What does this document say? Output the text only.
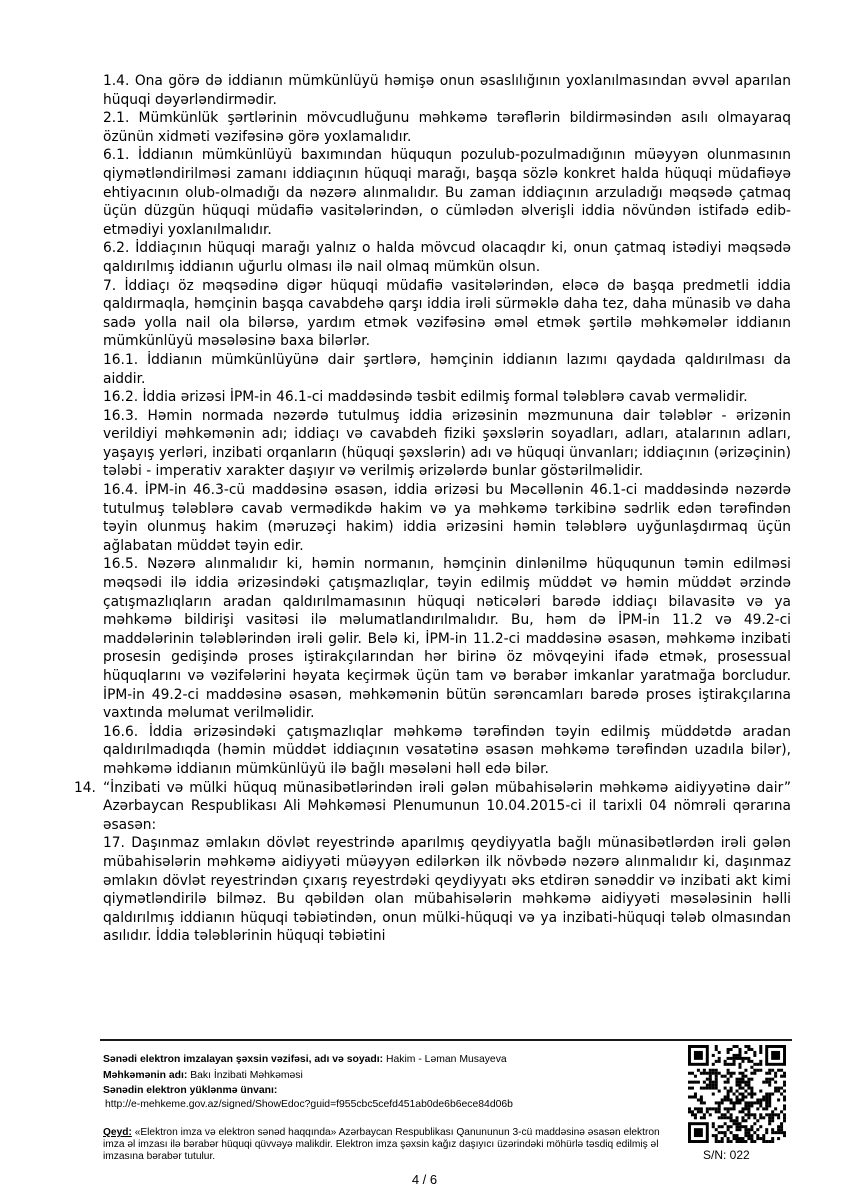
1.4. Ona görə də iddianın mümkünlüyü həmişə onun əsaslılığının yoxlanılmasından əvvəl aparılan hüquqi dəyərləndirmədir.

2.1. Mümkünlük şərtlərinin mövcudluğunu məhkəmə tərəflərin bildirməsindən asılı olmayaraq özünün xidməti vəzifəsinə görə yoxlamalıdır.

6.1. İddianın mümkünlüyü baxımından hüququn pozulub-pozulmadığının müəyyən olunmasının qiymətləndirilməsi zamanı iddiaçının hüquqi marağı, başqa sözlə konkret halda hüquqi müdafiəyə ehtiyacının olub-olmadığı da nəzərə alınmalıdır. Bu zaman iddiaçının arzuladığı məqsədə çatmaq üçün düzgün hüquqi müdafiə vasitələrindən, o cümlədən əlverişli iddia növündən istifadə edib-etmədiyi yoxlanılmalıdır.

6.2. İddiaçının hüquqi marağı yalnız o halda mövcud olacaqdır ki, onun çatmaq istədiyi məqsədə qaldırılmış iddianın uğurlu olması ilə nail olmaq mümkün olsun.

7. İddiaçı öz məqsədinə digər hüquqi müdafiə vasitələrindən, eləcə də başqa predmetli iddia qaldırmaqla, həmçinin başqa cavabdehə qarşı iddia irəli sürməklə daha tez, daha münasib və daha sadə yolla nail ola bilərsə, yardım etmək vəzifəsinə əməl etmək şərtilə məhkəmələr iddianın mümkünlüyü məsələsinə baxa bilərlər.

16.1. İddianın mümkünlüyünə dair şərtlərə, həmçinin iddianın lazımı qaydada qaldırılması da aiddir.

16.2. İddia ərizəsi İPM-in 46.1-ci maddəsində təsbit edilmiş formal tələblərə cavab verməlidir.

16.3. Həmin normada nəzərdə tutulmuş iddia ərizəsinin məzmununa dair tələblər - ərizənin verildiyi məhkəmənin adı; iddiaçı və cavabdeh fiziki şəxslərin soyadları, adları, atalarının adları, yaşayış yerləri, inzibati orqanların (hüquqi şəxslərin) adı və hüquqi ünvanları; iddiaçının (ərizəçinin) tələbi - imperativ xarakter daşıyır və verilmiş ərizələrdə bunlar göstərilməlidir.

16.4. İPM-in 46.3-cü maddəsinə əsasən, iddia ərizəsi bu Məcəllənin 46.1-ci maddəsində nəzərdə tutulmuş tələblərə cavab vermədikdə hakim və ya məhkəmə tərkibinə sədrlik edən tərəfindən təyin olunmuş hakim (məruzəçi hakim) iddia ərizəsini həmin tələblərə uyğunlaşdırmaq üçün ağlabatan müddət təyin edir.

16.5. Nəzərə alınmalıdır ki, həmin normanın, həmçinin dinlənilmə hüququnun təmin edilməsi məqsədi ilə iddia ərizəsindəki çatışmazlıqlar, təyin edilmiş müddət və həmin müddət ərzində çatışmazlıqların aradan qaldırılmamasının hüquqi nəticələri barədə iddiaçı bilavasitə və ya məhkəmə bildirişi vasitəsi ilə məlumatlandırılmalıdır. Bu, həm də İPM-in 11.2 və 49.2-ci maddələrinin tələblərindən irəli gəlir. Belə ki, İPM-in 11.2-ci maddəsinə əsasən, məhkəmə inzibati prosesin gedişində proses iştirakçılarından hər birinə öz mövqeyini ifadə etmək, prosessual hüquqlarını və vəzifələrini həyata keçirmək üçün tam və bərabər imkanlar yaratmağa borcludur. İPM-in 49.2-ci maddəsinə əsasən, məhkəmənin bütün sərəncamları barədə proses iştirakçılarına vaxtında məlumat verilməlidir.

16.6. İddia ərizəsindəki çatışmazlıqlar məhkəmə tərəfindən təyin edilmiş müddətdə aradan qaldırılmadıqda (həmin müddət iddiaçının vəsatətinə əsasən məhkəmə tərəfindən uzadıla bilər), məhkəmə iddianın mümkünlüyü ilə bağlı məsələni həll edə bilər.

14. “İnzibati və mülki hüquq münasibətlərindən irəli gələn mübahisələrin məhkəmə aidiyyətinə dair” Azərbaycan Respublikası Ali Məhkəməsi Plenumunun 10.04.2015-ci il tarixli 04 nömrəli qərarına əsasən:

17. Daşınmaz əmlakın dövlət reyestrində aparılmış qeydiyyatla bağlı münasibətlərdən irəli gələn mübahisələrin məhkəmə aidiyyəti müəyyən edilərkən ilk növbədə nəzərə alınmalıdır ki, daşınmaz əmlakın dövlət reyestrindən çıxarış reyestrdəki qeydiyyatı əks etdirən sənəddir və inzibati akt kimi qiymətləndirilə bilməz. Bu qəbildən olan mübahisələrin məhkəmə aidiyyəti məsələsinin həlli qaldırılmış iddianın hüquqi təbiətindən, onun mülki-hüquqi və ya inzibati-hüquqi tələb olmasından asılıdır. İddia tələblərinin hüquqi təbiətini

Sənədi elektron imzalayan şəxsin vəzifəsi, adı və soyadı: Hakim - Ləman Musayeva
Məhkəmənin adı: Bakı İnzibati Məhkəməsi
Sənədin elektron yüklənmə ünvanı:
http://e-mehkeme.gov.az/signed/ShowEdoc?guid=f955cbc5cefd451ab0de6b6ece84d06b
Qeyd: «Elektron imza və elektron sənəd haqqında» Azərbaycan Respublikası Qanununun 3-cü maddəsinə əsasən elektron imza əl imzası ilə bərabər hüquqi qüvvəyə malikdir. Elektron imza şəxsin kağız daşıyıcı üzərindəki möhürlə təsdiq edilmiş əl imzasına bərabər tutulur.	S/N: 022
4 / 6
